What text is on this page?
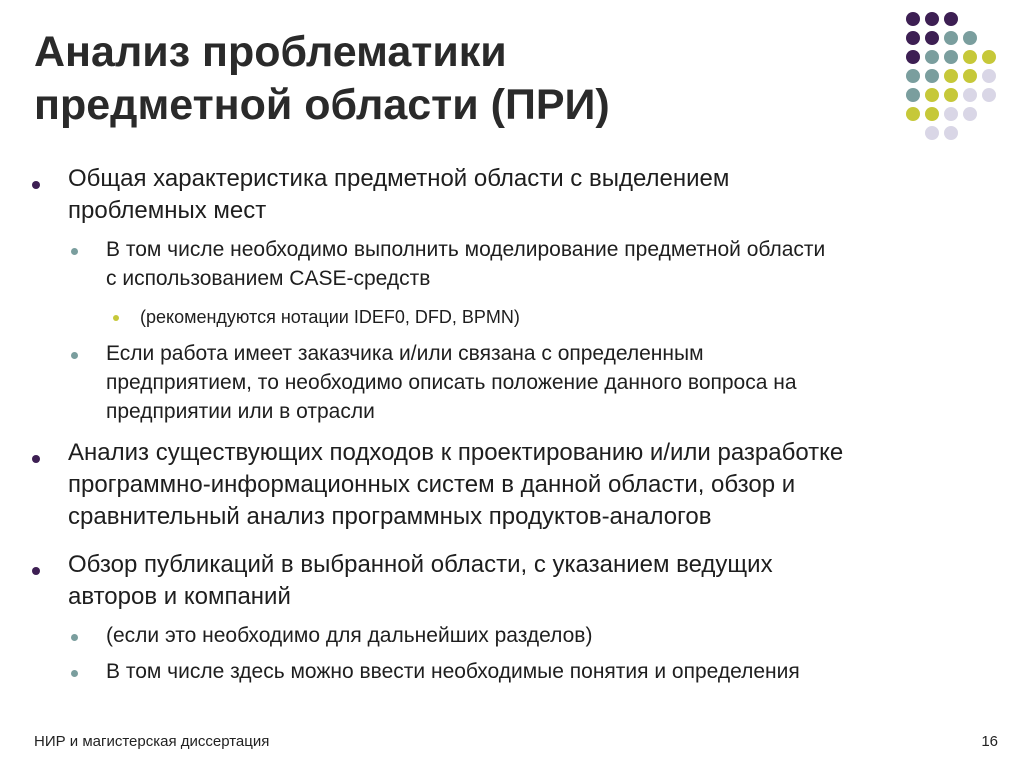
Анализ проблематики
предметной области (ПРИ)
Общая характеристика предметной области с выделением
проблемных мест
В том числе необходимо выполнить моделирование предметной области
с использованием CASE-средств
(рекомендуются нотации IDEF0, DFD, BPMN)
Если работа имеет заказчика и/или связана с определенным
предприятием, то необходимо описать положение данного вопроса на
предприятии или в отрасли
Анализ существующих подходов к проектированию и/или разработке
программно-информационных систем в данной области, обзор и
сравнительный анализ программных продуктов-аналогов
Обзор публикаций в выбранной области, с указанием ведущих
авторов и компаний
(если это необходимо для дальнейших разделов)
В том числе здесь можно ввести необходимые понятия и определения
НИР и магистерская диссертация	16
